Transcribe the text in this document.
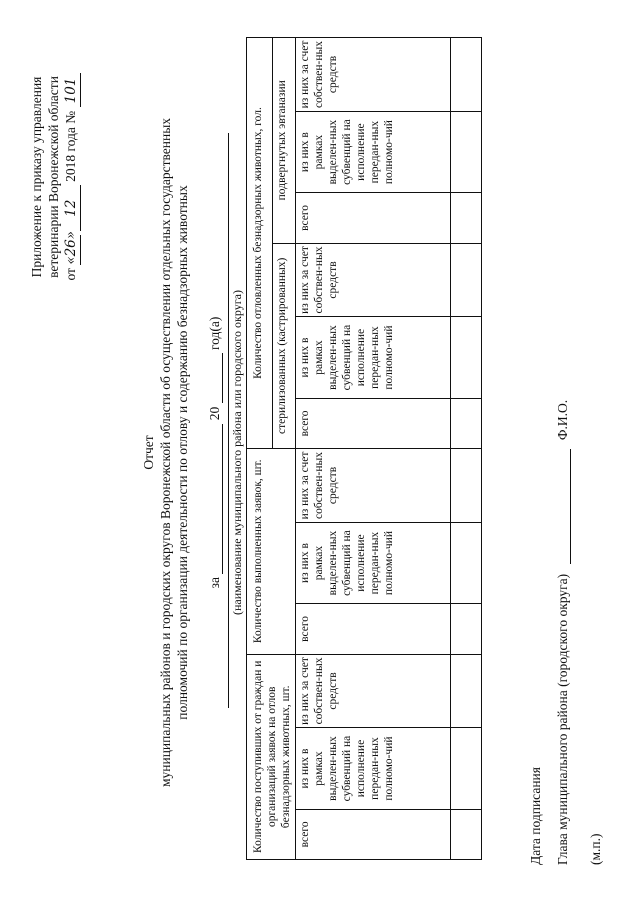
Приложение к приказу управления ветеринарии Воронежской области от «26» 12 2018 года № 101
Отчет муниципальных районов и городских округов Воронежской области об осуществлении отдельных государственных полномочий по организации деятельности по отлову и содержанию безнадзорных животных за  20  год(а) (наименование муниципального района или городского округа)
Количество поступивших от граждан и организаций заявок на отлов безнадзорных животных, шт.			Количество выполненных заявок, шт.			Количество отловленных безнадзорных животных, гол.					
						стерилизованных (кастрированных)			подвергнутых эвтаназии		
всего	из них в рамках выделен-ных субвенций на исполнение передан-ных полномо-чий	из них за счет собствен-ных средств	всего	из них в рамках выделен-ных субвенций на исполнение передан-ных полномо-чий	из них за счет собствен-ных средств	всего	из них в рамках выделен-ных субвенций на исполнение передан-ных полномо-чий	из них за счет собствен-ных средств	всего	из них в рамках выделен-ных субвенций на исполнение передан-ных полномо-чий	из них за счет собствен-ных средств

Дата подписания Глава муниципального района (городского округа)  Ф.И.О.
(м.п.)
